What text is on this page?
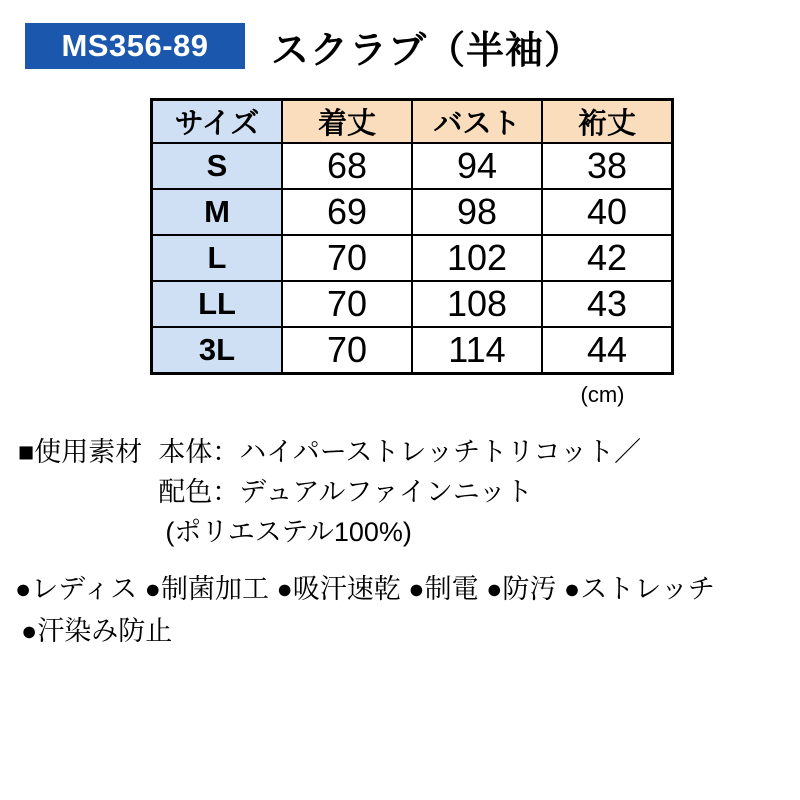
MS356-89	スクラブ（半袖）
サイズ	着丈	バスト	裄丈
S	68	94	38
M	69	98	40
L	70	102	42
LL	70	108	43
3L	70	114	44
(cm)
■使用素材 本体：ハイパーストレッチトリコット／
配色：デュアルファインニット
(ポリエステル100%)
●レディス ●制菌加工 ●吸汗速乾 ●制電 ●防汚 ●ストレッチ
●汗染み防止
